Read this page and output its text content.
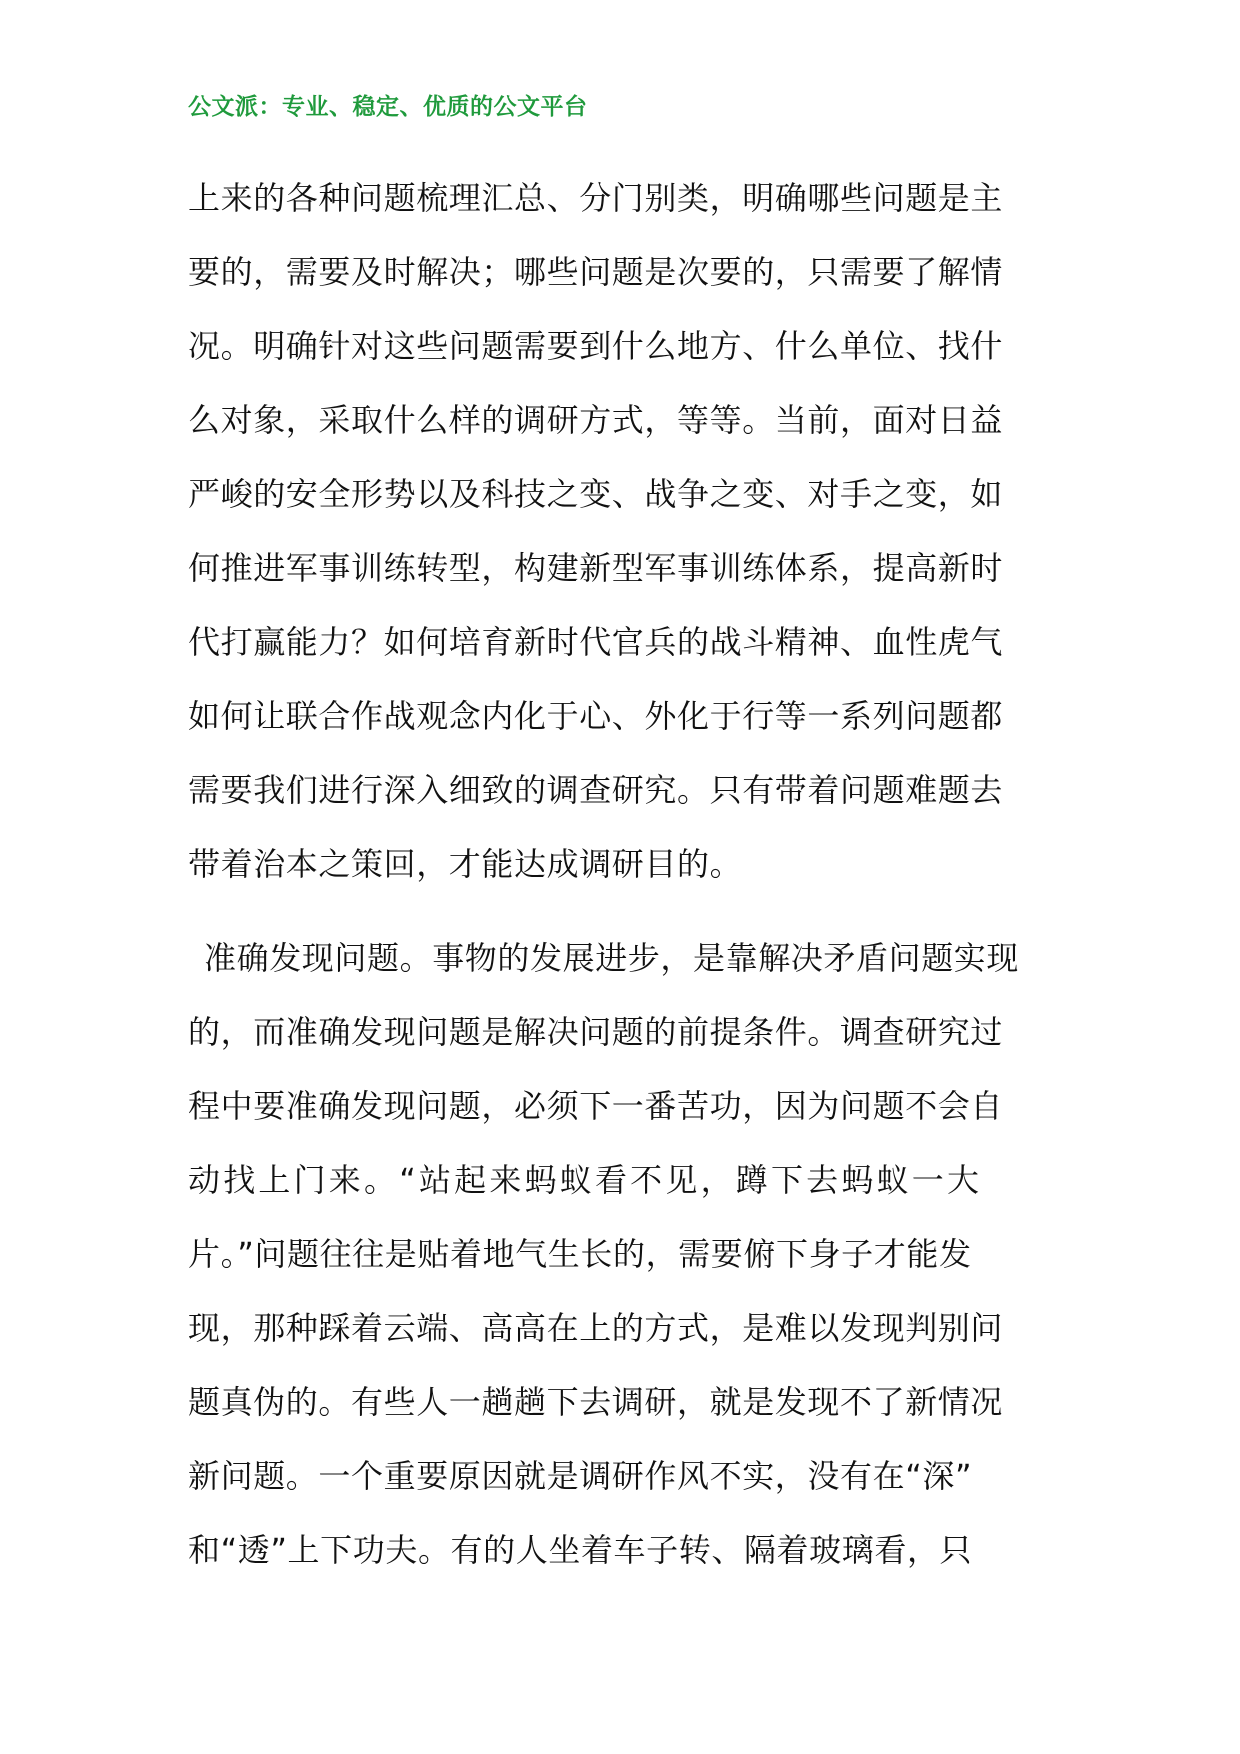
公文派：专业、稳定、优质的公文平台
上来的各种问题梳理汇总、分门别类，明确哪些问题是主
要的，需要及时解决；哪些问题是次要的，只需要了解情
况。明确针对这些问题需要到什么地方、什么单位、找什
么对象，采取什么样的调研方式，等等。当前，面对日益
严峻的安全形势以及科技之变、战争之变、对手之变，如
何推进军事训练转型，构建新型军事训练体系，提高新时
代打赢能力？如何培育新时代官兵的战斗精神、血性虎气
如何让联合作战观念内化于心、外化于行等一系列问题都
需要我们进行深入细致的调查研究。只有带着问题难题去
带着治本之策回，才能达成调研目的。
准确发现问题。事物的发展进步，是靠解决矛盾问题实现
的，而准确发现问题是解决问题的前提条件。调查研究过
程中要准确发现问题，必须下一番苦功，因为问题不会自
动找上门来。“站起来蚂蚁看不见，蹲下去蚂蚁一大
片。”问题往往是贴着地气生长的，需要俯下身子才能发
现，那种踩着云端、高高在上的方式，是难以发现判别问
题真伪的。有些人一趟趟下去调研，就是发现不了新情况
新问题。一个重要原因就是调研作风不实，没有在“深”
和“透”上下功夫。有的人坐着车子转、隔着玻璃看，只
